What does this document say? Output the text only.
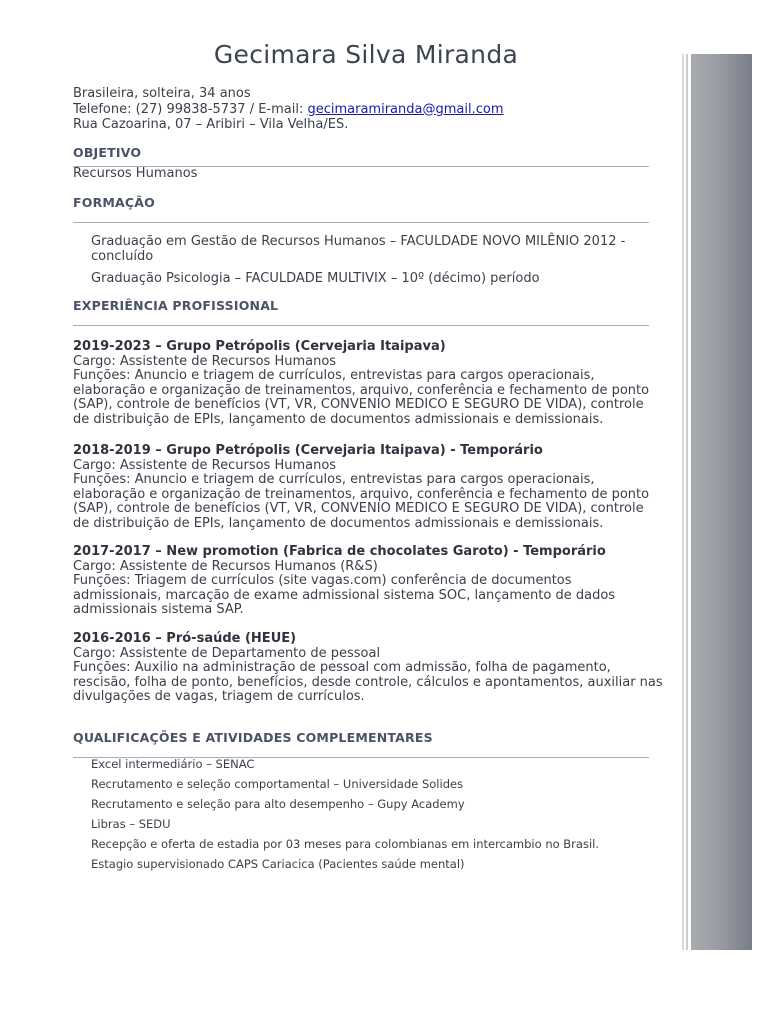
Gecimara Silva Miranda
Brasileira, solteira, 34 anos
Telefone: (27) 99838-5737 / E-mail: gecimaramiranda@gmail.com
Rua Cazoarina, 07 – Aribiri – Vila Velha/ES.
OBJETIVO
Recursos Humanos
FORMAÇÃO
Graduação em Gestão de Recursos Humanos – FACULDADE NOVO MILÊNIO 2012 -
concluído
Graduação Psicologia – FACULDADE MULTIVIX – 10º (décimo) período
EXPERIÊNCIA PROFISSIONAL
2019-2023 – Grupo Petrópolis (Cervejaria Itaipava)
Cargo: Assistente de Recursos Humanos
Funções: Anuncio e triagem de currículos, entrevistas para cargos operacionais,
elaboração e organização de treinamentos, arquivo, conferência e fechamento de ponto
(SAP), controle de benefícios (VT, VR, CONVENIO MEDICO E SEGURO DE VIDA), controle
de distribuição de EPIs, lançamento de documentos admissionais e demissionais.
2018-2019 – Grupo Petrópolis (Cervejaria Itaipava) - Temporário
Cargo: Assistente de Recursos Humanos
Funções: Anuncio e triagem de currículos, entrevistas para cargos operacionais,
elaboração e organização de treinamentos, arquivo, conferência e fechamento de ponto
(SAP), controle de benefícios (VT, VR, CONVENIO MEDICO E SEGURO DE VIDA), controle
de distribuição de EPIs, lançamento de documentos admissionais e demissionais.
2017-2017 – New promotion (Fabrica de chocolates Garoto) - Temporário
Cargo: Assistente de Recursos Humanos (R&S)
Funções: Triagem de currículos (site vagas.com) conferência de documentos
admissionais, marcação de exame admissional sistema SOC, lançamento de dados
admissionais sistema SAP.
2016-2016 – Pró-saúde (HEUE)
Cargo: Assistente de Departamento de pessoal
Funções: Auxilio na administração de pessoal com admissão, folha de pagamento,
rescisão, folha de ponto, benefícios, desde controle, cálculos e apontamentos, auxiliar nas
divulgações de vagas, triagem de currículos.
QUALIFICAÇÕES E ATIVIDADES COMPLEMENTARES
Excel intermediário – SENAC
Recrutamento e seleção comportamental – Universidade Solides
Recrutamento e seleção para alto desempenho – Gupy Academy
Libras – SEDU
Recepção e oferta de estadia por 03 meses para colombianas em intercambio no Brasil.
Estagio supervisionado CAPS Cariacica (Pacientes saúde mental)
